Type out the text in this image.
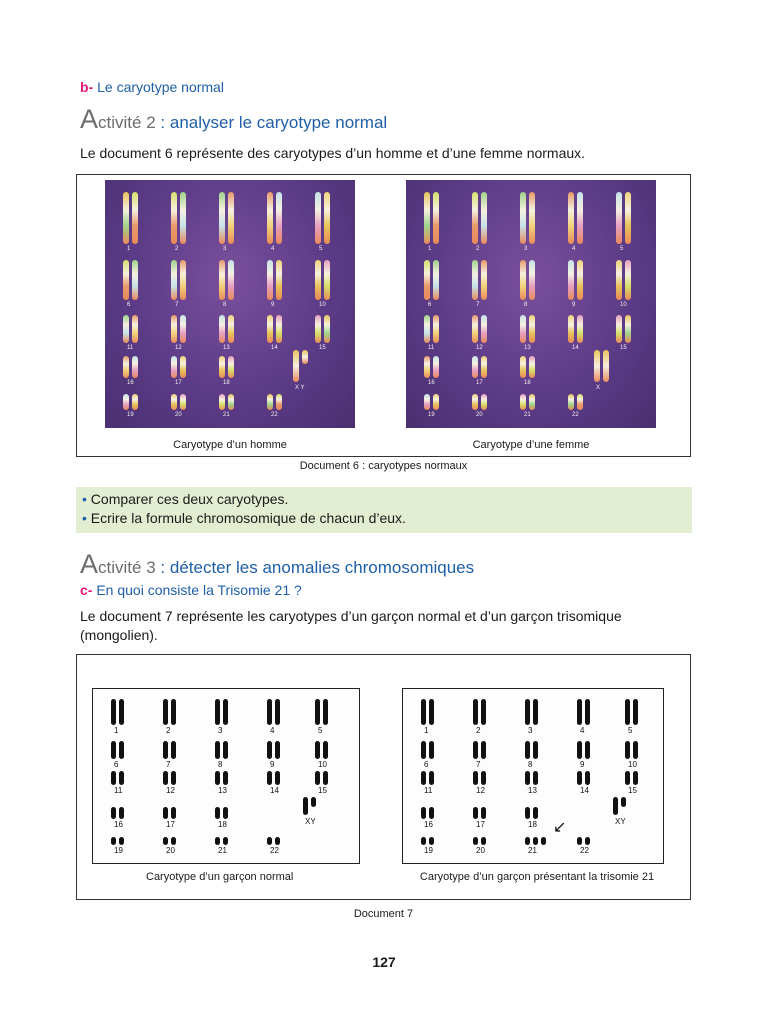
b- Le caryotype normal
Activité 2 : analyser le caryotype normal
Le document 6 représente des caryotypes d’un homme et d’une femme normaux.
1	2	3	4	5
6	7	8	9	10
11	12	13	14	15
16	17	18
19	20	21	22
X Y
1	2	3	4	5
6	7	8	9	10
11	12	13	14	15
16	17	18
19	20	21	22
X
Caryotype d’un homme	Caryotype d’une femme
Document 6 : caryotypes normaux
• Comparer ces deux caryotypes.
• Ecrire la formule chromosomique de chacun d’eux.
Activité 3 : détecter les anomalies chromosomiques
c- En quoi consiste la Trisomie 21 ?
Le document 7 représente les caryotypes d’un garçon normal et d’un garçon trisomique
(mongolien).
1	2	3	4	5
6	7	8	9	10
11	12	13	14	15
16	17	18
19	20	21	22
XY
1	2	3	4	5
6	7	8	9	10
11	12	13	14	15
16	17	18
19	20	21	22
XY
↙
Caryotype d’un garçon normal	Caryotype d’un garçon présentant la trisomie 21
Document 7
127
